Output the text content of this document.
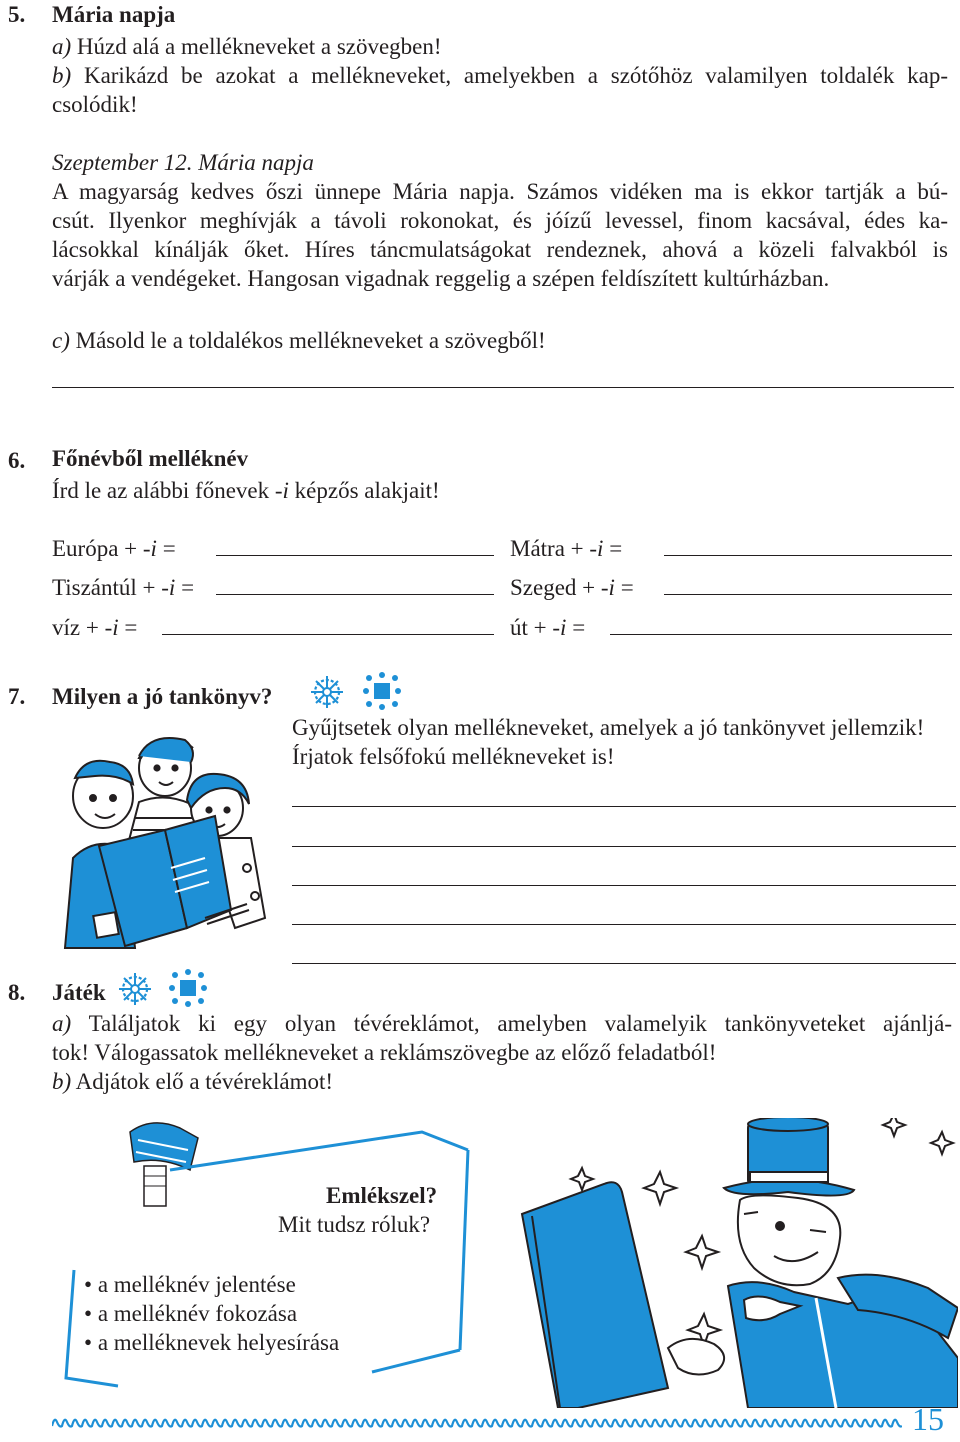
5. Mária napja
a) Húzd alá a mellékneveket a szövegben!
b) Karikázd be azokat a mellékneveket, amelyekben a szótőhöz valamilyen toldalék kap-
csolódik!
Szeptember 12. Mária napja
A magyarság kedves őszi ünnepe Mária napja. Számos vidéken ma is ekkor tartják a bú-
csút. Ilyenkor meghívják a távoli rokonokat, és jóízű levessel, finom kacsával, édes ka-
lácsokkal kínálják őket. Híres táncmulatságokat rendeznek, ahová a közeli falvakból is
várják a vendégeket. Hangosan vigadnak reggelig a szépen feldíszített kultúrházban.
c) Másold le a toldalékos mellékneveket a szövegből!
6. Főnévből melléknév
Írd le az alábbi főnevek -i képzős alakjait!
Európa + -i =	Mátra + -i =
Tiszántúl + -i =	Szeged + -i =
víz + -i =	út + -i =
7. Milyen a jó tankönyv?
Gyűjtsetek olyan mellékneveket, amelyek a jó tankönyvet jellemzik!
Írjatok felsőfokú mellékneveket is!
8. Játék
a) Találjatok ki egy olyan tévéreklámot, amelyben valamelyik tankönyveteket ajánljá-
tok! Válogassatok mellékneveket a reklámszövegbe az előző feladatból!
b) Adjátok elő a tévéreklámot!
Emlékszel?
Mit tudsz róluk?
• a melléknév jelentése
• a melléknév fokozása
• a melléknevek helyesírása
15
